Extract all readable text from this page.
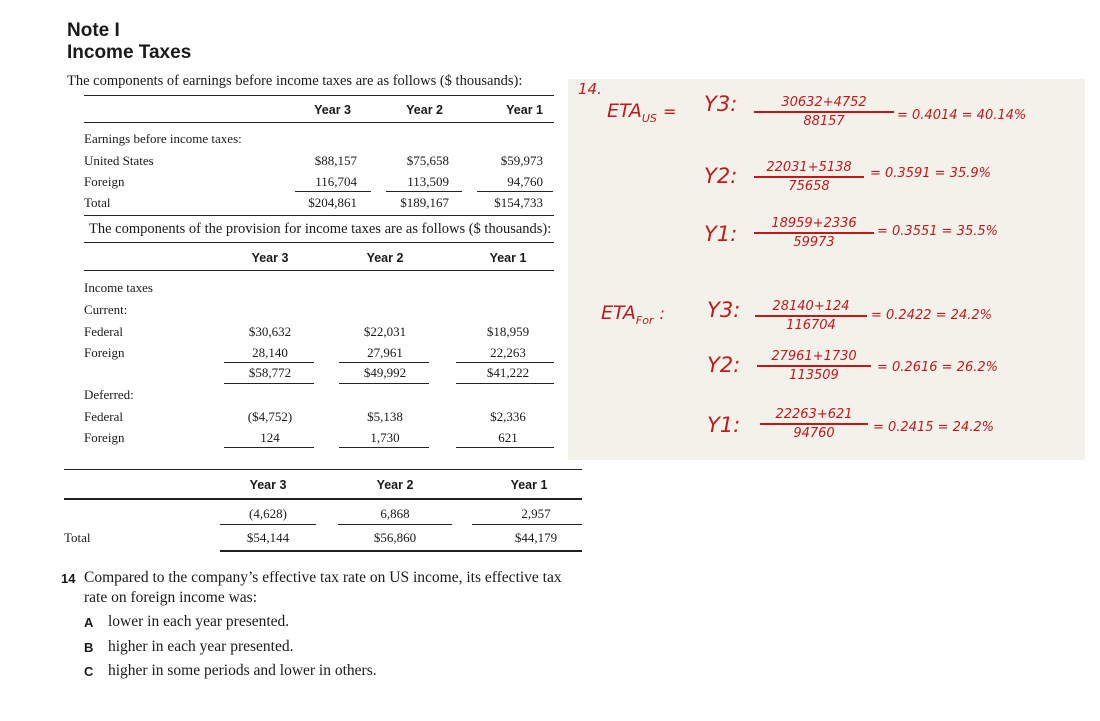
Note I
Income Taxes
The components of earnings before income taxes are as follows ($ thousands):
Year 3	Year 2	Year 1
Earnings before income taxes:
United States	$88,157	$75,658	$59,973
Foreign	116,704	113,509	94,760
Total	$204,861	$189,167	$154,733
The components of the provision for income taxes are as follows ($ thousands):
Year 3	Year 2	Year 1
Income taxes
Current:
Federal	$30,632	$22,031	$18,959
Foreign	28,140	27,961	22,263
$58,772	$49,992	$41,222
Deferred:
Federal	($4,752)	$5,138	$2,336
Foreign	124	1,730	621
Year 3	Year 2	Year 1
(4,628)	6,868	2,957
Total	$54,144	$56,860	$44,179
14 Compared to the company’s effective tax rate on US income, its effective tax
rate on foreign income was:
A lower in each year presented.
B higher in each year presented.
C higher in some periods and lower in others.
14.
$ETA_{US} = Y3$: $\frac{30632+4752}{88157} = 0.4014 = 40.14\%$
Y2: $\frac{22031+5138}{75658} = 0.3591 = 35.9\%$
Y1: $\frac{18959+2336}{59973} = 0.3551 = 35.5\%$
$ETA_{For}$ : Y3: $\frac{28140+124}{116704} = 0.2422 = 24.2\%$
Y2: $\frac{27961+1730}{113509} = 0.2616 = 26.2\%$
Y1: $\frac{22263+621}{94760} = 0.2415 = 24.2\%$
